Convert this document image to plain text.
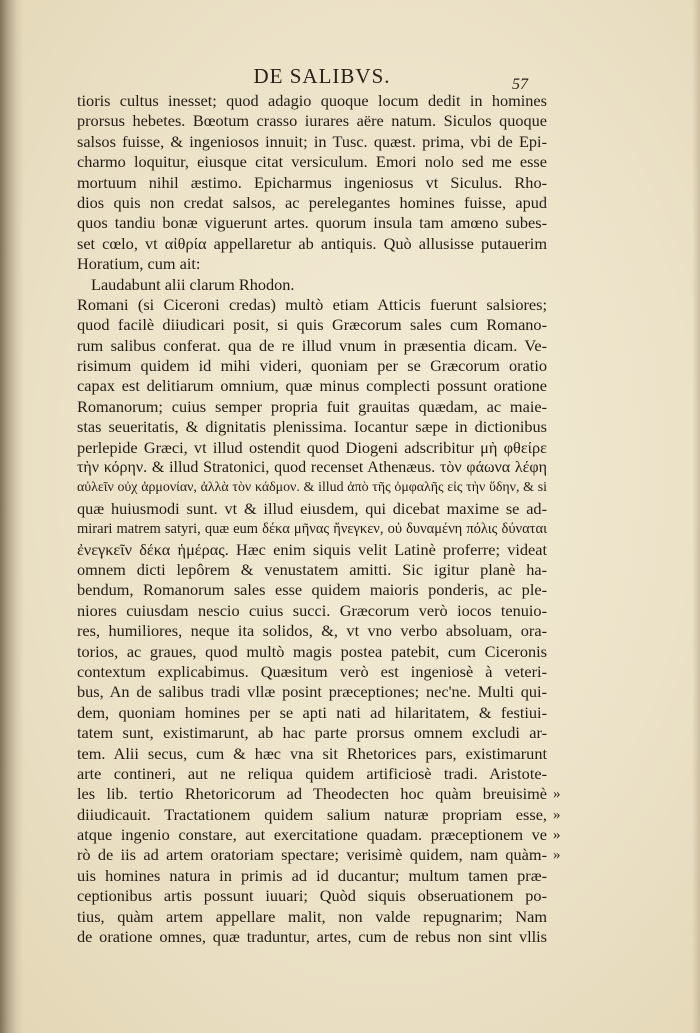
DE SALIBVS.	57
tioris cultus inesset; quod adagio quoque locum dedit in homines
prorsus hebetes. Bœotum crasso iurares aëre natum. Siculos quoque
salsos fuisse, & ingeniosos innuit; in Tusc. quæst. prima, vbi de Epi-
charmo loquitur, eiusque citat versiculum. Emori nolo sed me esse
mortuum nihil æstimo. Epicharmus ingeniosus vt Siculus. Rho-
dios quis non credat salsos, ac perelegantes homines fuisse, apud
quos tandiu bonæ viguerunt artes. quorum insula tam amœno subes-
set cœlo, vt αἰθρία appellaretur ab antiquis. Quò allusisse putauerim
Horatium, cum ait:
Laudabunt alii clarum Rhodon.
Romani (si Ciceroni credas) multò etiam Atticis fuerunt salsiores;
quod facilè diiudicari posit, si quis Græcorum sales cum Romano-
rum salibus conferat. qua de re illud vnum in præsentia dicam. Ve-
risimum quidem id mihi videri, quoniam per se Græcorum oratio
capax est delitiarum omnium, quæ minus complecti possunt oratione
Romanorum; cuius semper propria fuit grauitas quædam, ac maie-
stas seueritatis, & dignitatis plenissima. Iocantur sæpe in dictionibus
perlepide Græci, vt illud ostendit quod Diogeni adscribitur μὴ φθείρε
τὴν κόρην. & illud Stratonici, quod recenset Athenæus. τὸν φάωνα λέφη
αὐλεῖν οὐχ ἁρμονίαν, ἀλλὰ τὸν κάδμον. & illud ἀπὸ τῆς ὀμφαλῆς εἰς τὴν ὕδην, & si
quæ huiusmodi sunt. vt & illud eiusdem, qui dicebat maxime se ad-
mirari matrem satyri, quæ eum δέκα μῆνας ἤνεγκεν, οὐ δυναμένη πόλις δύναται
ἐνεγκεῖν δέκα ἡμέρας. Hæc enim siquis velit Latinè proferre; videat
omnem dicti lepôrem & venustatem amitti. Sic igitur planè ha-
bendum, Romanorum sales esse quidem maioris ponderis, ac ple-
niores cuiusdam nescio cuius succi. Græcorum verò iocos tenuio-
res, humiliores, neque ita solidos, &, vt vno verbo absoluam, ora-
torios, ac graues, quod multò magis postea patebit, cum Ciceronis
contextum explicabimus. Quæsitum verò est ingeniosè à veteri-
bus, An de salibus tradi vllæ posint præceptiones; nec'ne. Multi qui-
dem, quoniam homines per se apti nati ad hilaritatem, & festiui-
tatem sunt, existimarunt, ab hac parte prorsus omnem excludi ar-
tem. Alii secus, cum & hæc vna sit Rhetorices pars, existimarunt
arte contineri, aut ne reliqua quidem artificiosè tradi. Aristote-
les lib. tertio Rhetoricorum ad Theodecten hoc quàm breuisimè »
diiudicauit. Tractationem quidem salium naturæ propriam esse, »
atque ingenio constare, aut exercitatione quadam. præceptionem ve »
rò de iis ad artem oratoriam spectare; verisimè quidem, nam quàm- »
uis homines natura in primis ad id ducantur; multum tamen præ-
ceptionibus artis possunt iuuari; Quòd siquis obseruationem po-
tius, quàm artem appellare malit, non valde repugnarim; Nam
de oratione omnes, quæ traduntur, artes, cum de rebus non sint vllis
